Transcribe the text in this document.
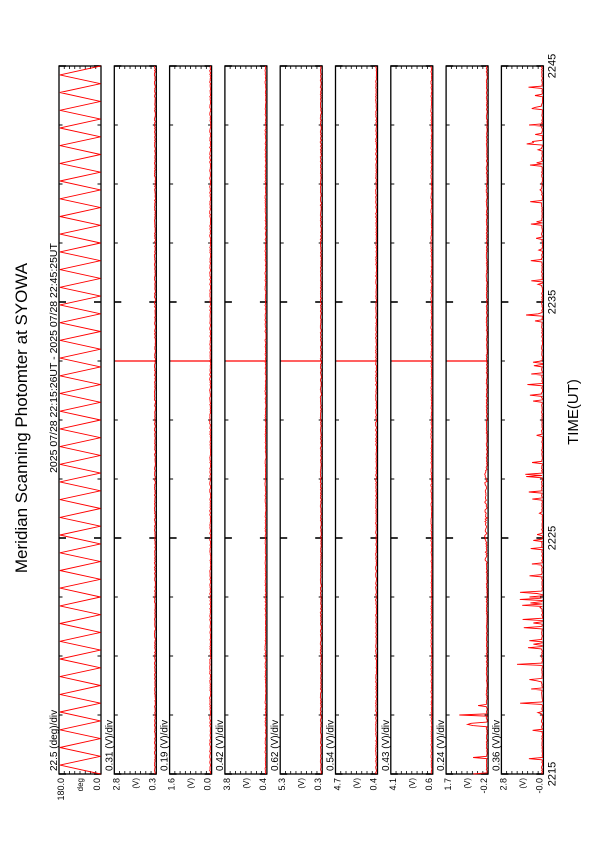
180.0	0.0
deg
22.5 (deg)/div
2.8	0.3
(V)
0.31 (V)/div
1.6	0.0
(V)
0.19 (V)/div
3.8	0.4
(V)
0.42 (V)/div
5.3	0.3
(V)
0.62 (V)/div
4.7	0.4
(V)
0.54 (V)/div
4.1	0.6
(V)
0.43 (V)/div
1.7	-0.2
(V)
0.24 (V)/div
2.8	-0.0
(V)
0.36 (V)/div
2215
2225
2235
2245
Meridian Scanning Photomter at SYOWA 2025 07/28 22:15:26UT - 2025 07/28 22:45:25UT	TIME(UT)
